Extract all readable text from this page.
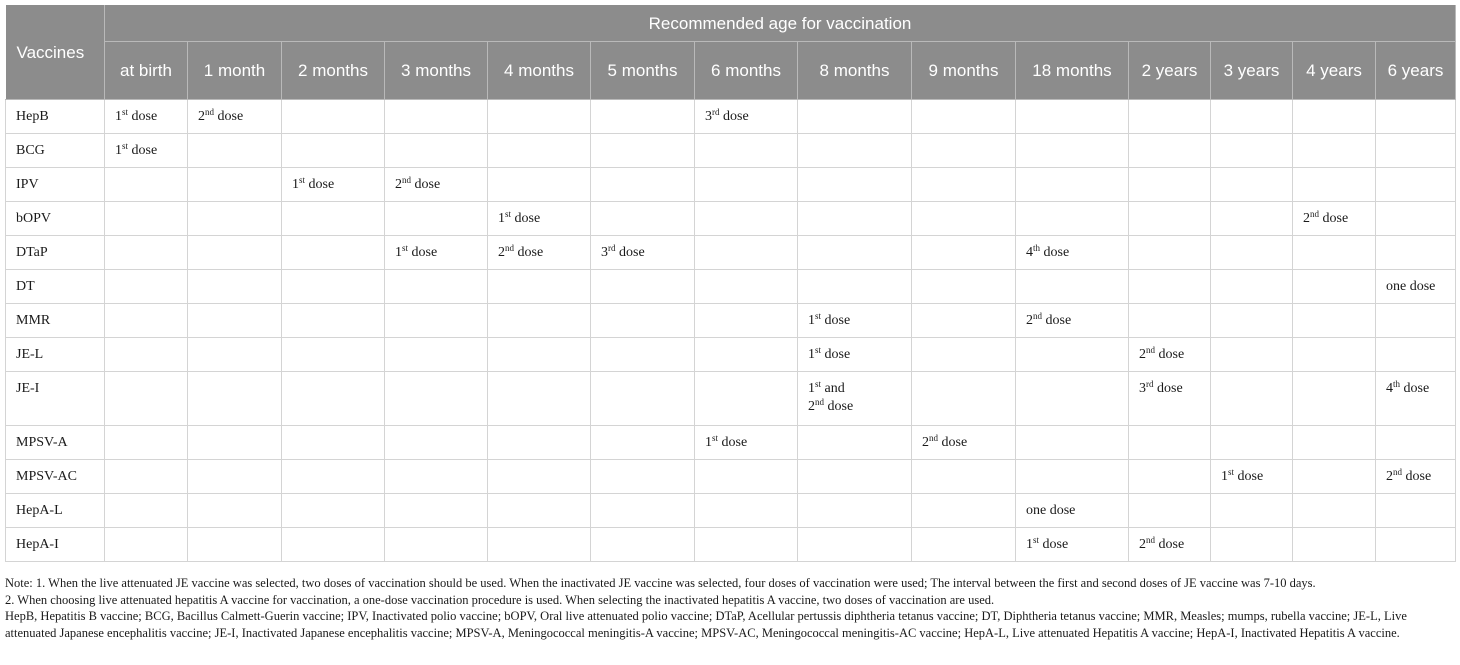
Vaccines	Recommended age for vaccination													
	at birth	1 month	2 months	3 months	4 months	5 months	6 months	8 months	9 months	18 months	2 years	3 years	4 years	6 years
HepB	1st dose	2nd dose					3rd dose							

BCG	1st dose													

IPV			1st dose	2nd dose										

bOPV					1st dose								2nd dose	

DTaP				1st dose	2nd dose	3rd dose				4th dose				

DT														one dose

MMR								1st dose		2nd dose				

JE-L								1st dose			2nd dose			

JE-I								1st and
2nd dose			3rd dose			4th dose

MPSV-A							1st dose		2nd dose					

MPSV-AC												1st dose		2nd dose

HepA-L										one dose				

HepA-I										1st dose	2nd dose			

Note: 1. When the live attenuated JE vaccine was selected, two doses of vaccination should be used. When the inactivated JE vaccine was selected, four doses of vaccination were used; The interval between the first and second doses of JE vaccine was 7-10 days.

2. When choosing live attenuated hepatitis A vaccine for vaccination, a one-dose vaccination procedure is used. When selecting the inactivated hepatitis A vaccine, two doses of vaccination are used.

HepB, Hepatitis B vaccine; BCG, Bacillus Calmett-Guerin vaccine; IPV, Inactivated polio vaccine; bOPV, Oral live attenuated polio vaccine; DTaP, Acellular pertussis diphtheria tetanus vaccine; DT, Diphtheria tetanus vaccine; MMR, Measles; mumps, rubella vaccine; JE-L, Live attenuated Japanese encephalitis vaccine; JE-I, Inactivated Japanese encephalitis vaccine; MPSV-A, Meningococcal meningitis-A vaccine; MPSV-AC, Meningococcal meningitis-AC vaccine; HepA-L, Live attenuated Hepatitis A vaccine; HepA-I, Inactivated Hepatitis A vaccine.
